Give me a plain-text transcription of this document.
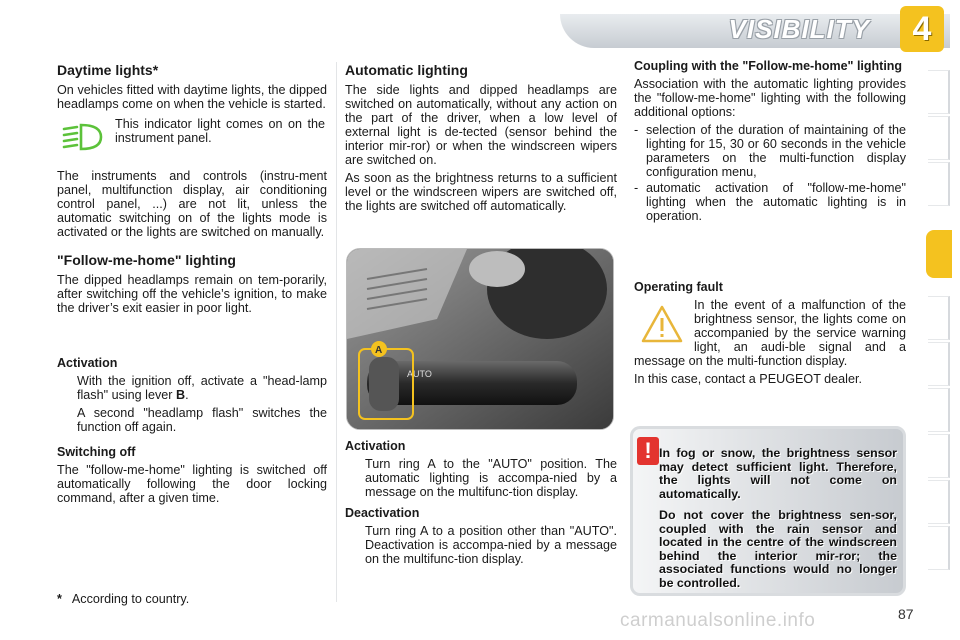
VISIBILITY	4
Daytime lights*

On vehicles fitted with daytime lights, the dipped headlamps come on when the vehicle is started.

This indicator light comes on on the instrument panel.

The instruments and controls (instru-ment panel, multifunction display, air conditioning control panel, ...) are not lit, unless the automatic switching on of the lights mode is activated or the lights are switched on manually.

"Follow-me-home" lighting

The dipped headlamps remain on tem-porarily, after switching off the vehicle’s ignition, to make the driver’s exit easier in poor light.

Activation
With the ignition off, activate a "head-lamp flash" using lever B.
A second "headlamp flash" switches the function off again.
Switching off

The "follow-me-home" lighting is switched off automatically following the door locking command, after a given time.

Automatic lighting

The side lights and dipped headlamps are switched on automatically, without any action on the part of the driver, when a low level of external light is de-tected (sensor behind the interior mir-ror) or when the windscreen wipers are switched on.

As soon as the brightness returns to a sufficient level or the windscreen wipers are switched off, the lights are switched off automatically.

AUTO
A
Activation
Turn ring A to the "AUTO" position. The automatic lighting is accompa-nied by a message on the multifunc-tion display.
Deactivation
Turn ring A to a position other than "AUTO". Deactivation is accompa-nied by a message on the multifunc-tion display.
Coupling with the "Follow-me-home" lighting

Association with the automatic lighting provides the "follow-me-home" lighting with the following additional options:

- selection of the duration of maintaining of the lighting for 15, 30 or 60 seconds in the vehicle parameters on the multi-function display configuration menu,
- automatic activation of "follow-me-home" lighting when the automatic lighting is in operation.
Operating fault

In the event of a malfunction of the brightness sensor, the lights come on accompanied by the service warning light, an audi-ble signal and a message on the multi-function display.

In this case, contact a PEUGEOT dealer.

! In fog or snow, the brightness sensor may detect sufficient light. Therefore, the lights will not come on automatically.

Do not cover the brightness sen-sor, coupled with the rain sensor and located in the centre of the windscreen behind the interior mir-ror; the associated functions would no longer be controlled.

* According to country.
carmanualsonline.info	87
